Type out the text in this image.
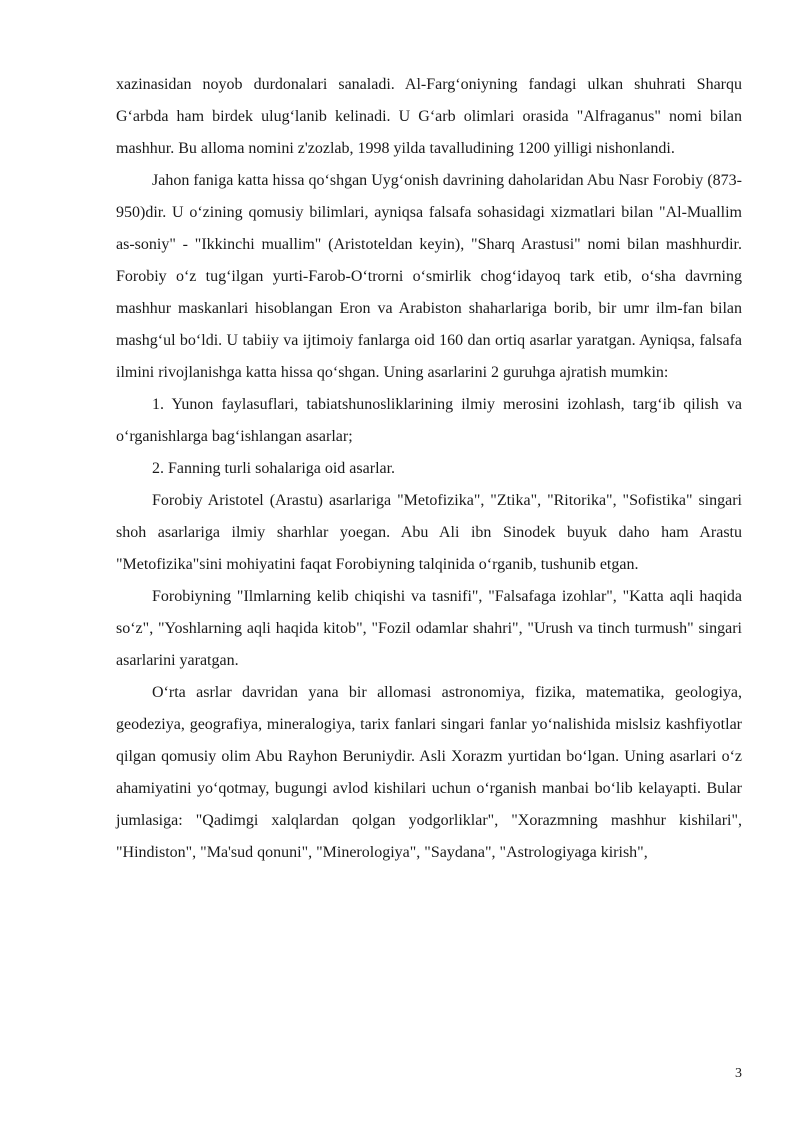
xazinasidan noyob durdonalari sanaladi. Al-Farg‘oniyning fandagi ulkan shuhrati Sharqu G‘arbda ham birdek ulug‘lanib kelinadi. U G‘arb olimlari orasida "Alfraganus" nomi bilan mashhur. Bu alloma nomini z'zozlab, 1998 yilda tavalludining 1200 yilligi nishonlandi.

Jahon faniga katta hissa qo‘shgan Uyg‘onish davrining daholaridan Abu Nasr Forobiy (873-950)dir. U o‘zining qomusiy bilimlari, ayniqsa falsafa sohasidagi xizmatlari bilan "Al-Muallim as-soniy" - "Ikkinchi muallim" (Aristoteldan keyin), "Sharq Arastusi" nomi bilan mashhurdir. Forobiy o‘z tug‘ilgan yurti-Farob-O‘trorni o‘smirlik chog‘idayoq tark etib, o‘sha davrning mashhur maskanlari hisoblangan Eron va Arabiston shaharlariga borib, bir umr ilm-fan bilan mashg‘ul bo‘ldi. U tabiiy va ijtimoiy fanlarga oid 160 dan ortiq asarlar yaratgan. Ayniqsa, falsafa ilmini rivojlanishga katta hissa qo‘shgan. Uning asarlarini 2 guruhga ajratish mumkin:

1. Yunon faylasuflari, tabiatshunosliklarining ilmiy merosini izohlash, targ‘ib qilish va o‘rganishlarga bag‘ishlangan asarlar;

2. Fanning turli sohalariga oid asarlar.

Forobiy Aristotel (Arastu) asarlariga "Metofizika", "Ztika", "Ritorika", "Sofistika" singari shoh asarlariga ilmiy sharhlar yoegan. Abu Ali ibn Sinodek buyuk daho ham Arastu "Metofizika"sini mohiyatini faqat Forobiyning talqinida o‘rganib, tushunib etgan.

Forobiyning "Ilmlarning kelib chiqishi va tasnifi", "Falsafaga izohlar", "Katta aqli haqida so‘z", "Yoshlarning aqli haqida kitob", "Fozil odamlar shahri", "Urush va tinch turmush" singari asarlarini yaratgan.

O‘rta asrlar davridan yana bir allomasi astronomiya, fizika, matematika, geologiya, geodeziya, geografiya, mineralogiya, tarix fanlari singari fanlar yo‘nalishida mislsiz kashfiyotlar qilgan qomusiy olim Abu Rayhon Beruniydir. Asli Xorazm yurtidan bo‘lgan. Uning asarlari o‘z ahamiyatini yo‘qotmay, bugungi avlod kishilari uchun o‘rganish manbai bo‘lib kelayapti. Bular jumlasiga: "Qadimgi xalqlardan qolgan yodgorliklar", "Xorazmning mashhur kishilari", "Hindiston", "Ma'sud qonuni", "Minerologiya", "Saydana", "Astrologiyaga kirish",

3
